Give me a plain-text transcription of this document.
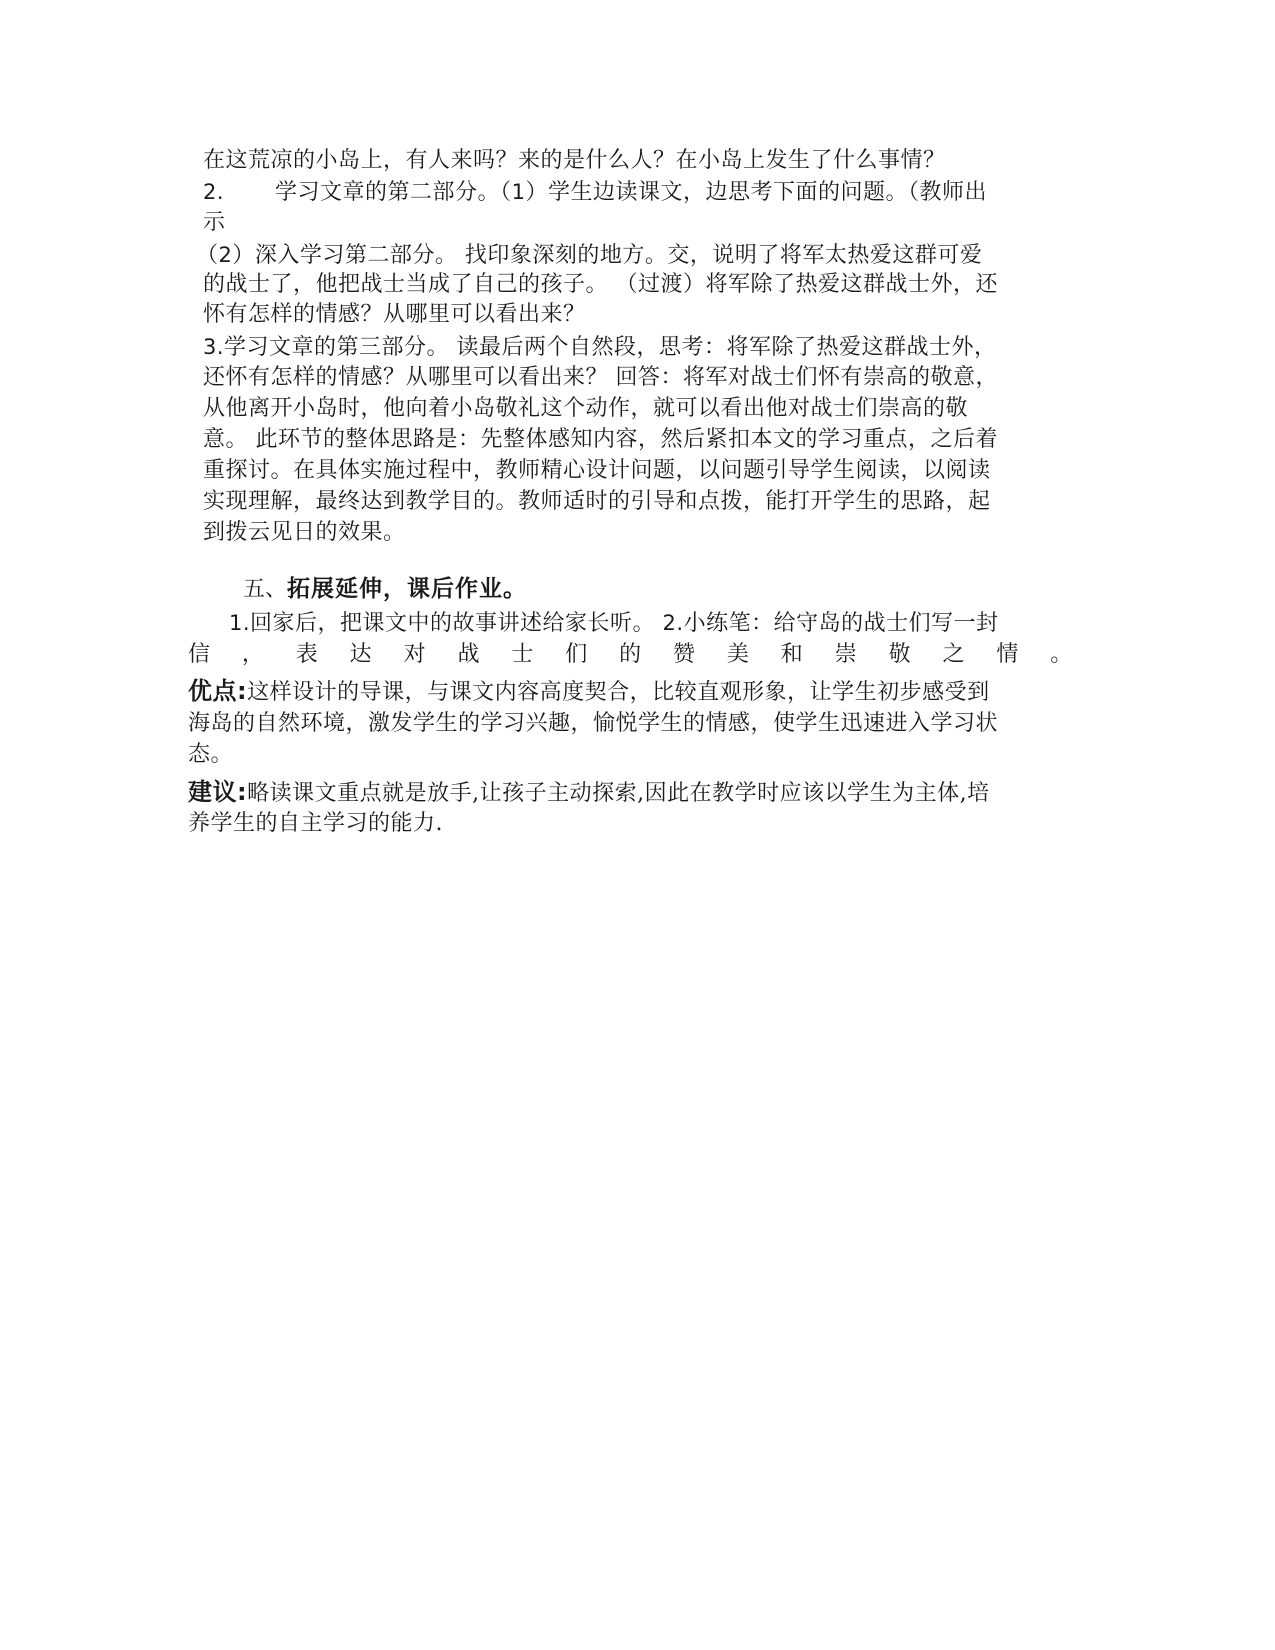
在这荒凉的小岛上，有人来吗？来的是什么人？在小岛上发生了什么事情？
2. 学习文章的第二部分。（1）学生边读课文，边思考下面的问题。（教师出
示
（2）深入学习第二部分。 找印象深刻的地方。交，说明了将军太热爱这群可爱
的战士了，他把战士当成了自己的孩子。 （过渡）将军除了热爱这群战士外，还
怀有怎样的情感？从哪里可以看出来？
3.学习文章的第三部分。 读最后两个自然段，思考：将军除了热爱这群战士外，
还怀有怎样的情感？从哪里可以看出来？ 回答：将军对战士们怀有崇高的敬意，
从他离开小岛时，他向着小岛敬礼这个动作，就可以看出他对战士们崇高的敬
意。 此环节的整体思路是：先整体感知内容，然后紧扣本文的学习重点，之后着
重探讨。在具体实施过程中，教师精心设计问题，以问题引导学生阅读，以阅读
实现理解，最终达到教学目的。教师适时的引导和点拨，能打开学生的思路，起
到拨云见日的效果。
五、拓展延伸，课后作业。
1.回家后，把课文中的故事讲述给家长听。 2.小练笔：给守岛的战士们写一封
信 ， 表 达 对 战 士 们 的 赞 美 和 崇 敬 之 情 。
优点:这样设计的导课，与课文内容高度契合，比较直观形象，让学生初步感受到
海岛的自然环境，激发学生的学习兴趣，愉悦学生的情感，使学生迅速进入学习状
态。
建议:略读课文重点就是放手,让孩子主动探索,因此在教学时应该以学生为主体,培
养学生的自主学习的能力.
